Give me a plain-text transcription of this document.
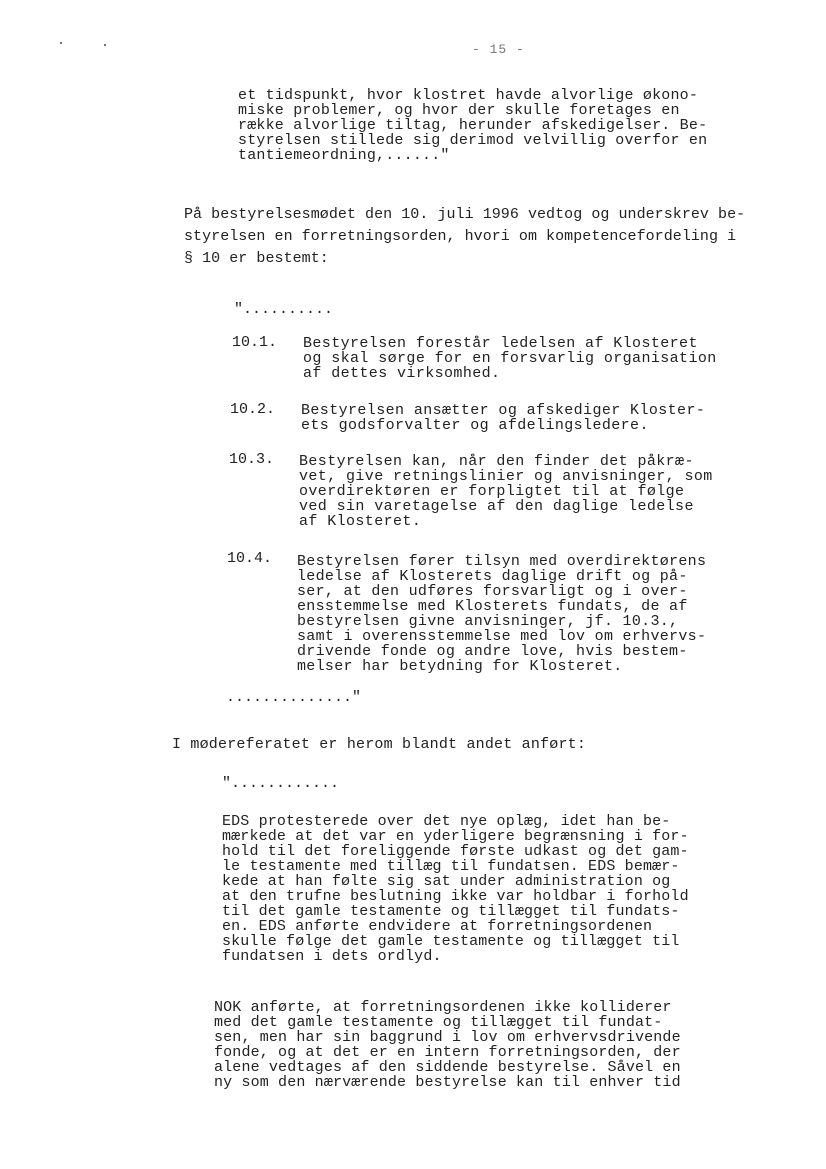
- 15 -
et tidspunkt, hvor klostret havde alvorlige økono-
miske problemer, og hvor der skulle foretages en
række alvorlige tiltag, herunder afskedigelser. Be-
styrelsen stillede sig derimod velvillig overfor en
tantiemeordning,......"
På bestyrelsesmødet den 10. juli 1996 vedtog og underskrev be-
styrelsen en forretningsorden, hvori om kompetencefordeling i
§ 10 er bestemt:
"..........
10.1. Bestyrelsen forestår ledelsen af Klosteret
og skal sørge for en forsvarlig organisation
af dettes virksomhed.
10.2. Bestyrelsen ansætter og afskediger Kloster-
ets godsforvalter og afdelingsledere.
10.3. Bestyrelsen kan, når den finder det påkræ-
vet, give retningslinier og anvisninger, som
overdirektøren er forpligtet til at følge
ved sin varetagelse af den daglige ledelse
af Klosteret.
10.4. Bestyrelsen fører tilsyn med overdirektørens
ledelse af Klosterets daglige drift og på-
ser, at den udføres forsvarligt og i over-
ensstemmelse med Klosterets fundats, de af
bestyrelsen givne anvisninger, jf. 10.3.,
samt i overensstemmelse med lov om erhvervs-
drivende fonde og andre love, hvis bestem-
melser har betydning for Klosteret.
.............."
I mødereferatet er herom blandt andet anført:
"............
EDS protesterede over det nye oplæg, idet han be-
mærkede at det var en yderligere begrænsning i for-
hold til det foreliggende første udkast og det gam-
le testamente med tillæg til fundatsen. EDS bemær-
kede at han følte sig sat under administration og
at den trufne beslutning ikke var holdbar i forhold
til det gamle testamente og tillægget til fundats-
en. EDS anførte endvidere at forretningsordenen
skulle følge det gamle testamente og tillægget til
fundatsen i dets ordlyd.
NOK anførte, at forretningsordenen ikke kolliderer
med det gamle testamente og tillægget til fundat-
sen, men har sin baggrund i lov om erhvervsdrivende
fonde, og at det er en intern forretningsorden, der
alene vedtages af den siddende bestyrelse. Såvel en
ny som den nærværende bestyrelse kan til enhver tid
